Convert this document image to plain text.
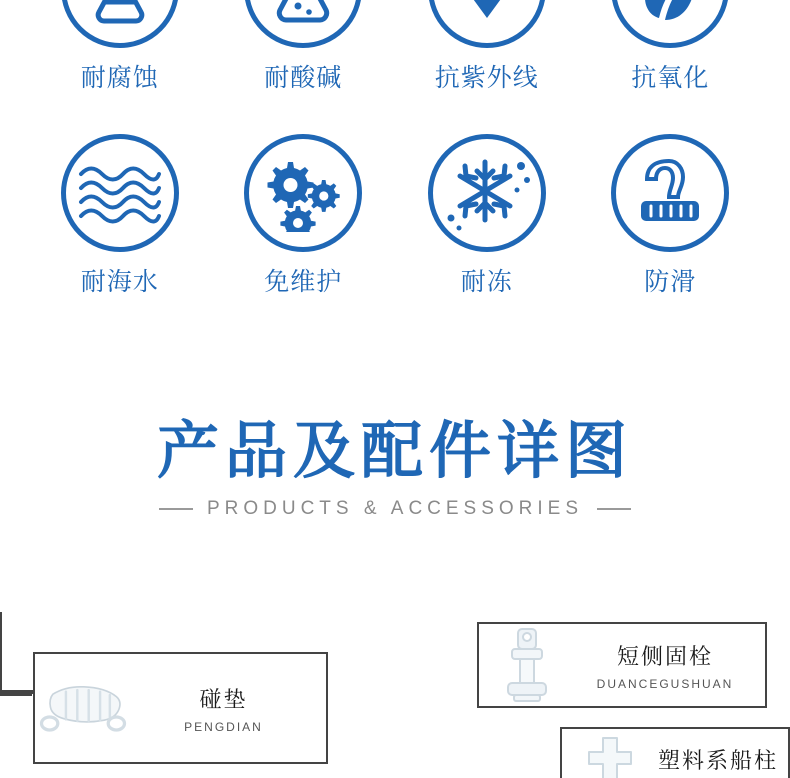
耐腐蚀	耐酸碱	抗紫外线	抗氧化
耐海水	免维护	耐冻	防滑
产品及配件详图
PRODUCTS & ACCESSORIES
碰垫
PENGDIAN
短侧固栓
DUANCEGUSHUAN
塑料系船柱
